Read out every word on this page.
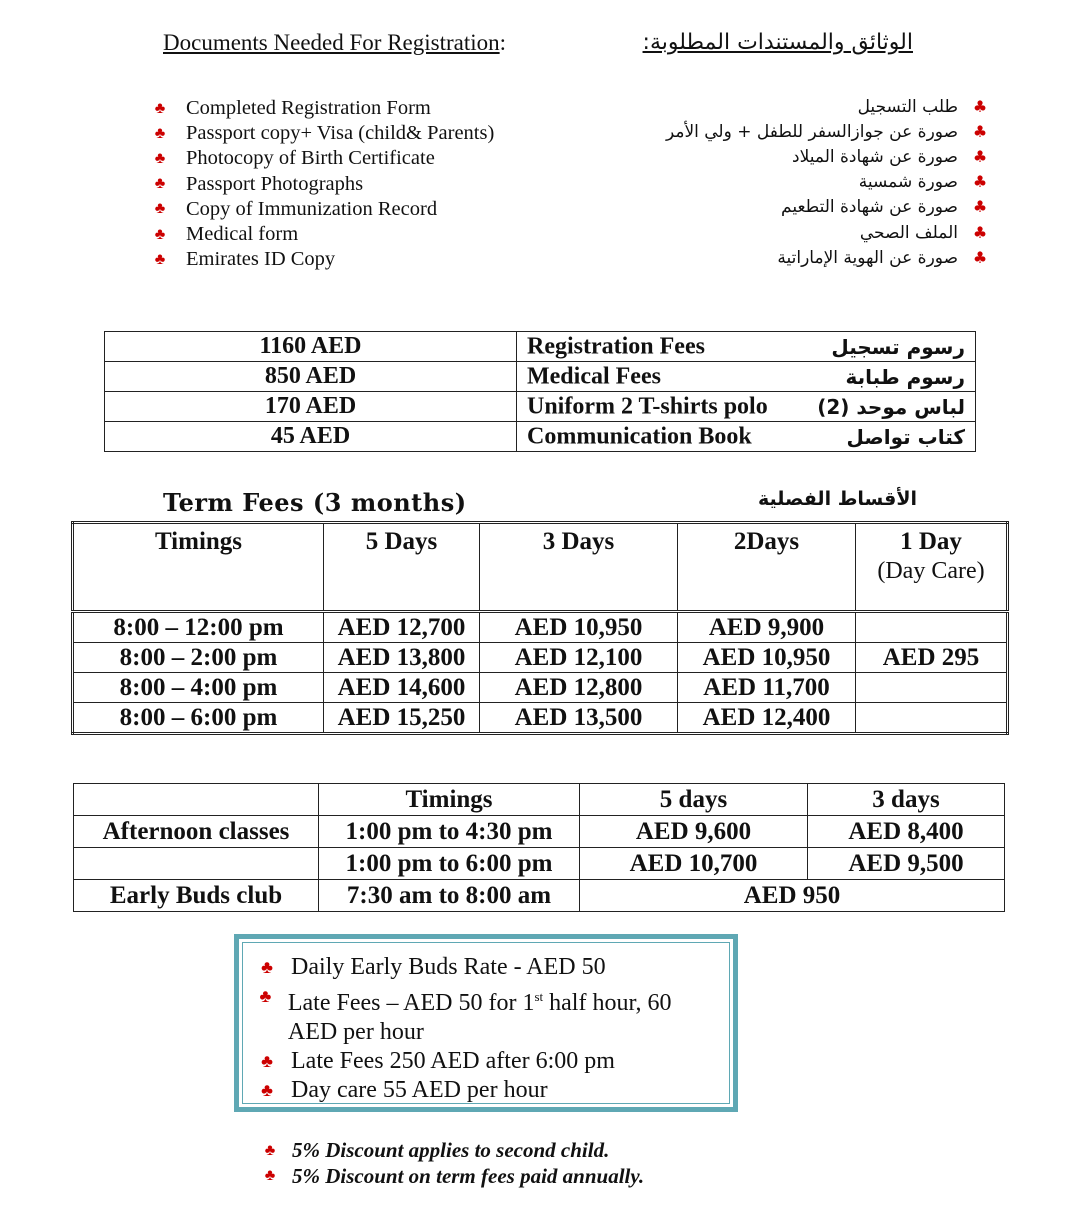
Documents Needed For Registration:	الوثائق والمستندات المطلوبة:
♣ Completed Registration Form
♣ Passport copy+ Visa (child& Parents)
♣ Photocopy of Birth Certificate
♣ Passport Photographs
♣ Copy of Immunization Record
♣ Medical form
♣ Emirates ID Copy
طلب التسجيل ♣
صورة عن جوازالسفر للطفل + ولي الأمر ♣
صورة عن شهادة الميلاد ♣
صورة شمسية ♣
صورة عن شهادة التطعيم ♣
الملف الصحي ♣
صورة عن الهوية الإماراتية ♣
1160 AED	Registration Fees رسوم تسجيل

850 AED	Medical Fees رسوم طبابة

170 AED	Uniform 2 T-shirts polo لباس موحد (2)

45 AED	Communication Book كتاب تواصل
Term Fees (3 months)	الأقساط الفصلية
Timings	5 Days	3 Days	2Days	1 Day
(Day Care)

8:00 – 12:00 pm	AED 12,700	AED 10,950	AED 9,900	
8:00 – 2:00 pm	AED 13,800	AED 12,100	AED 10,950	AED 295
8:00 – 4:00 pm	AED 14,600	AED 12,800	AED 11,700	
8:00 – 6:00 pm	AED 15,250	AED 13,500	AED 12,400	
	Timings	5 days	3 days
Afternoon classes	1:00 pm to 4:30 pm	AED 9,600	AED 8,400
	1:00 pm to 6:00 pm	AED 10,700	AED 9,500
Early Buds club	7:30 am to 8:00 am	AED 950	
♣ Daily Early Buds Rate - AED 50
♣ Late Fees – AED 50 for 1st half hour, 60 AED per hour
♣ Late Fees 250 AED after 6:00 pm
♣ Day care 55 AED per hour
♣ 5% Discount applies to second child.
♣ 5% Discount on term fees paid annually.
